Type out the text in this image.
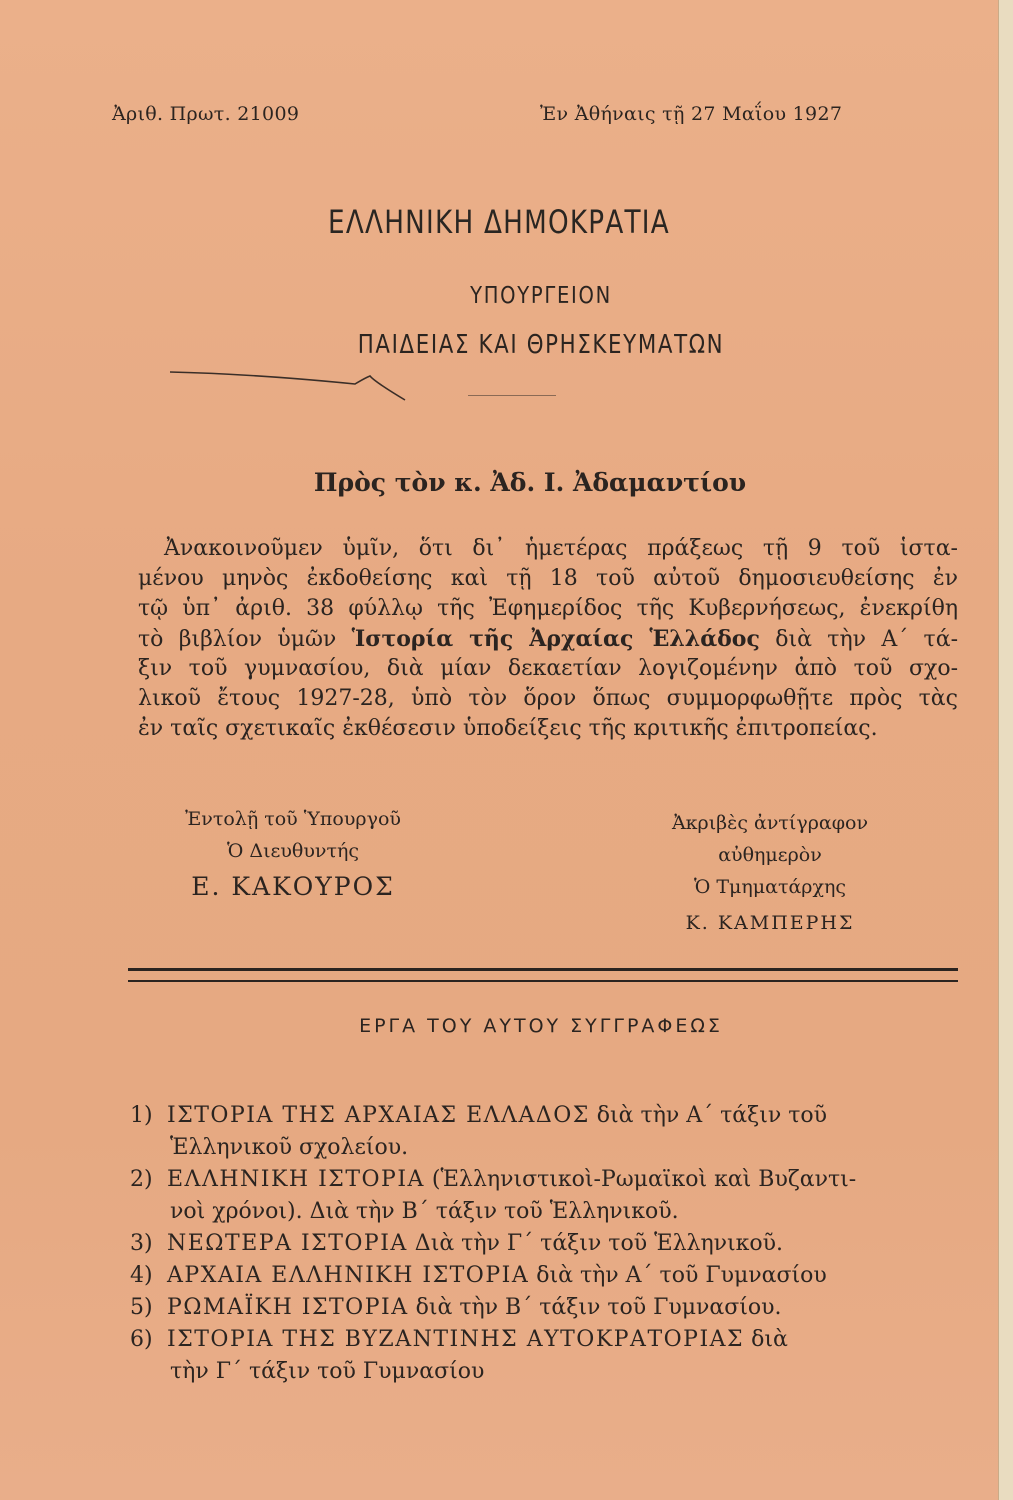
Ἀριθ. Πρωτ. 21009	Ἐν Ἀθήναις τῇ 27 Μαΐου 1927
ΕΛΛΗΝΙΚΗ ΔΗΜΟΚΡΑΤΙΑ
ΥΠΟΥΡΓΕΙΟΝ
ΠΑΙΔΕΙΑΣ ΚΑΙ ΘΡΗΣΚΕΥΜΑΤΩΝ
Πρὸς τὸν κ. Ἀδ. Ι. Ἀδαμαντίου
Ἀνακοινοῦμεν ὑμῖν, ὅτι δι᾿ ἡμετέρας πράξεως τῇ 9 τοῦ ἱστα-
μένου μηνὸς ἐκδοθείσης καὶ τῇ 18 τοῦ αὐτοῦ δημοσιευθείσης ἐν
τῷ ὑπ᾿ ἀριθ. 38 φύλλῳ τῆς Ἐφημερίδος τῆς Κυβερνήσεως, ἐνεκρίθη
τὸ βιβλίον ὑμῶν Ἱστορία τῆς Ἀρχαίας Ἑλλάδος διὰ τὴν Α΄ τά-
ξιν τοῦ γυμνασίου, διὰ μίαν δεκαετίαν λογιζομένην ἀπὸ τοῦ σχο-
λικοῦ ἔτους 1927-28, ὑπὸ τὸν ὅρον ὅπως συμμορφωθῇτε πρὸς τὰς
ἐν ταῖς σχετικαῖς ἐκθέσεσιν ὑποδείξεις τῆς κριτικῆς ἐπιτροπείας.
Ἐντολῇ τοῦ Ὑπουργοῦ
Ὁ Διευθυντής
Ε. ΚΑΚΟΥΡΟΣ
Ἀκριβὲς ἀντίγραφον
αὐθημερὸν
Ὁ Τμηματάρχης
Κ. ΚΑΜΠΕΡΗΣ
ΕΡΓΑ ΤΟΥ ΑΥΤΟΥ ΣΥΓΓΡΑΦΕΩΣ
1) ΙΣΤΟΡΙΑ ΤΗΣ ΑΡΧΑΙΑΣ ΕΛΛΑΔΟΣ διὰ τὴν Α΄ τάξιν τοῦ
Ἑλληνικοῦ σχολείου.
2) ΕΛΛΗΝΙΚΗ ΙΣΤΟΡΙΑ (Ἑλληνιστικοὶ-Ρωμαϊκοὶ καὶ Βυζαντι-
νοὶ χρόνοι). Διὰ τὴν Β΄ τάξιν τοῦ Ἑλληνικοῦ.
3) ΝΕΩΤΕΡΑ ΙΣΤΟΡΙΑ Διὰ τὴν Γ΄ τάξιν τοῦ Ἑλληνικοῦ.
4) ΑΡΧΑΙΑ ΕΛΛΗΝΙΚΗ ΙΣΤΟΡΙΑ διὰ τὴν Α΄ τοῦ Γυμνασίου
5) ΡΩΜΑΪΚΗ ΙΣΤΟΡΙΑ διὰ τὴν Β΄ τάξιν τοῦ Γυμνασίου.
6) ΙΣΤΟΡΙΑ ΤΗΣ ΒΥΖΑΝΤΙΝΗΣ ΑΥΤΟΚΡΑΤΟΡΙΑΣ διὰ
τὴν Γ΄ τάξιν τοῦ Γυμνασίου
